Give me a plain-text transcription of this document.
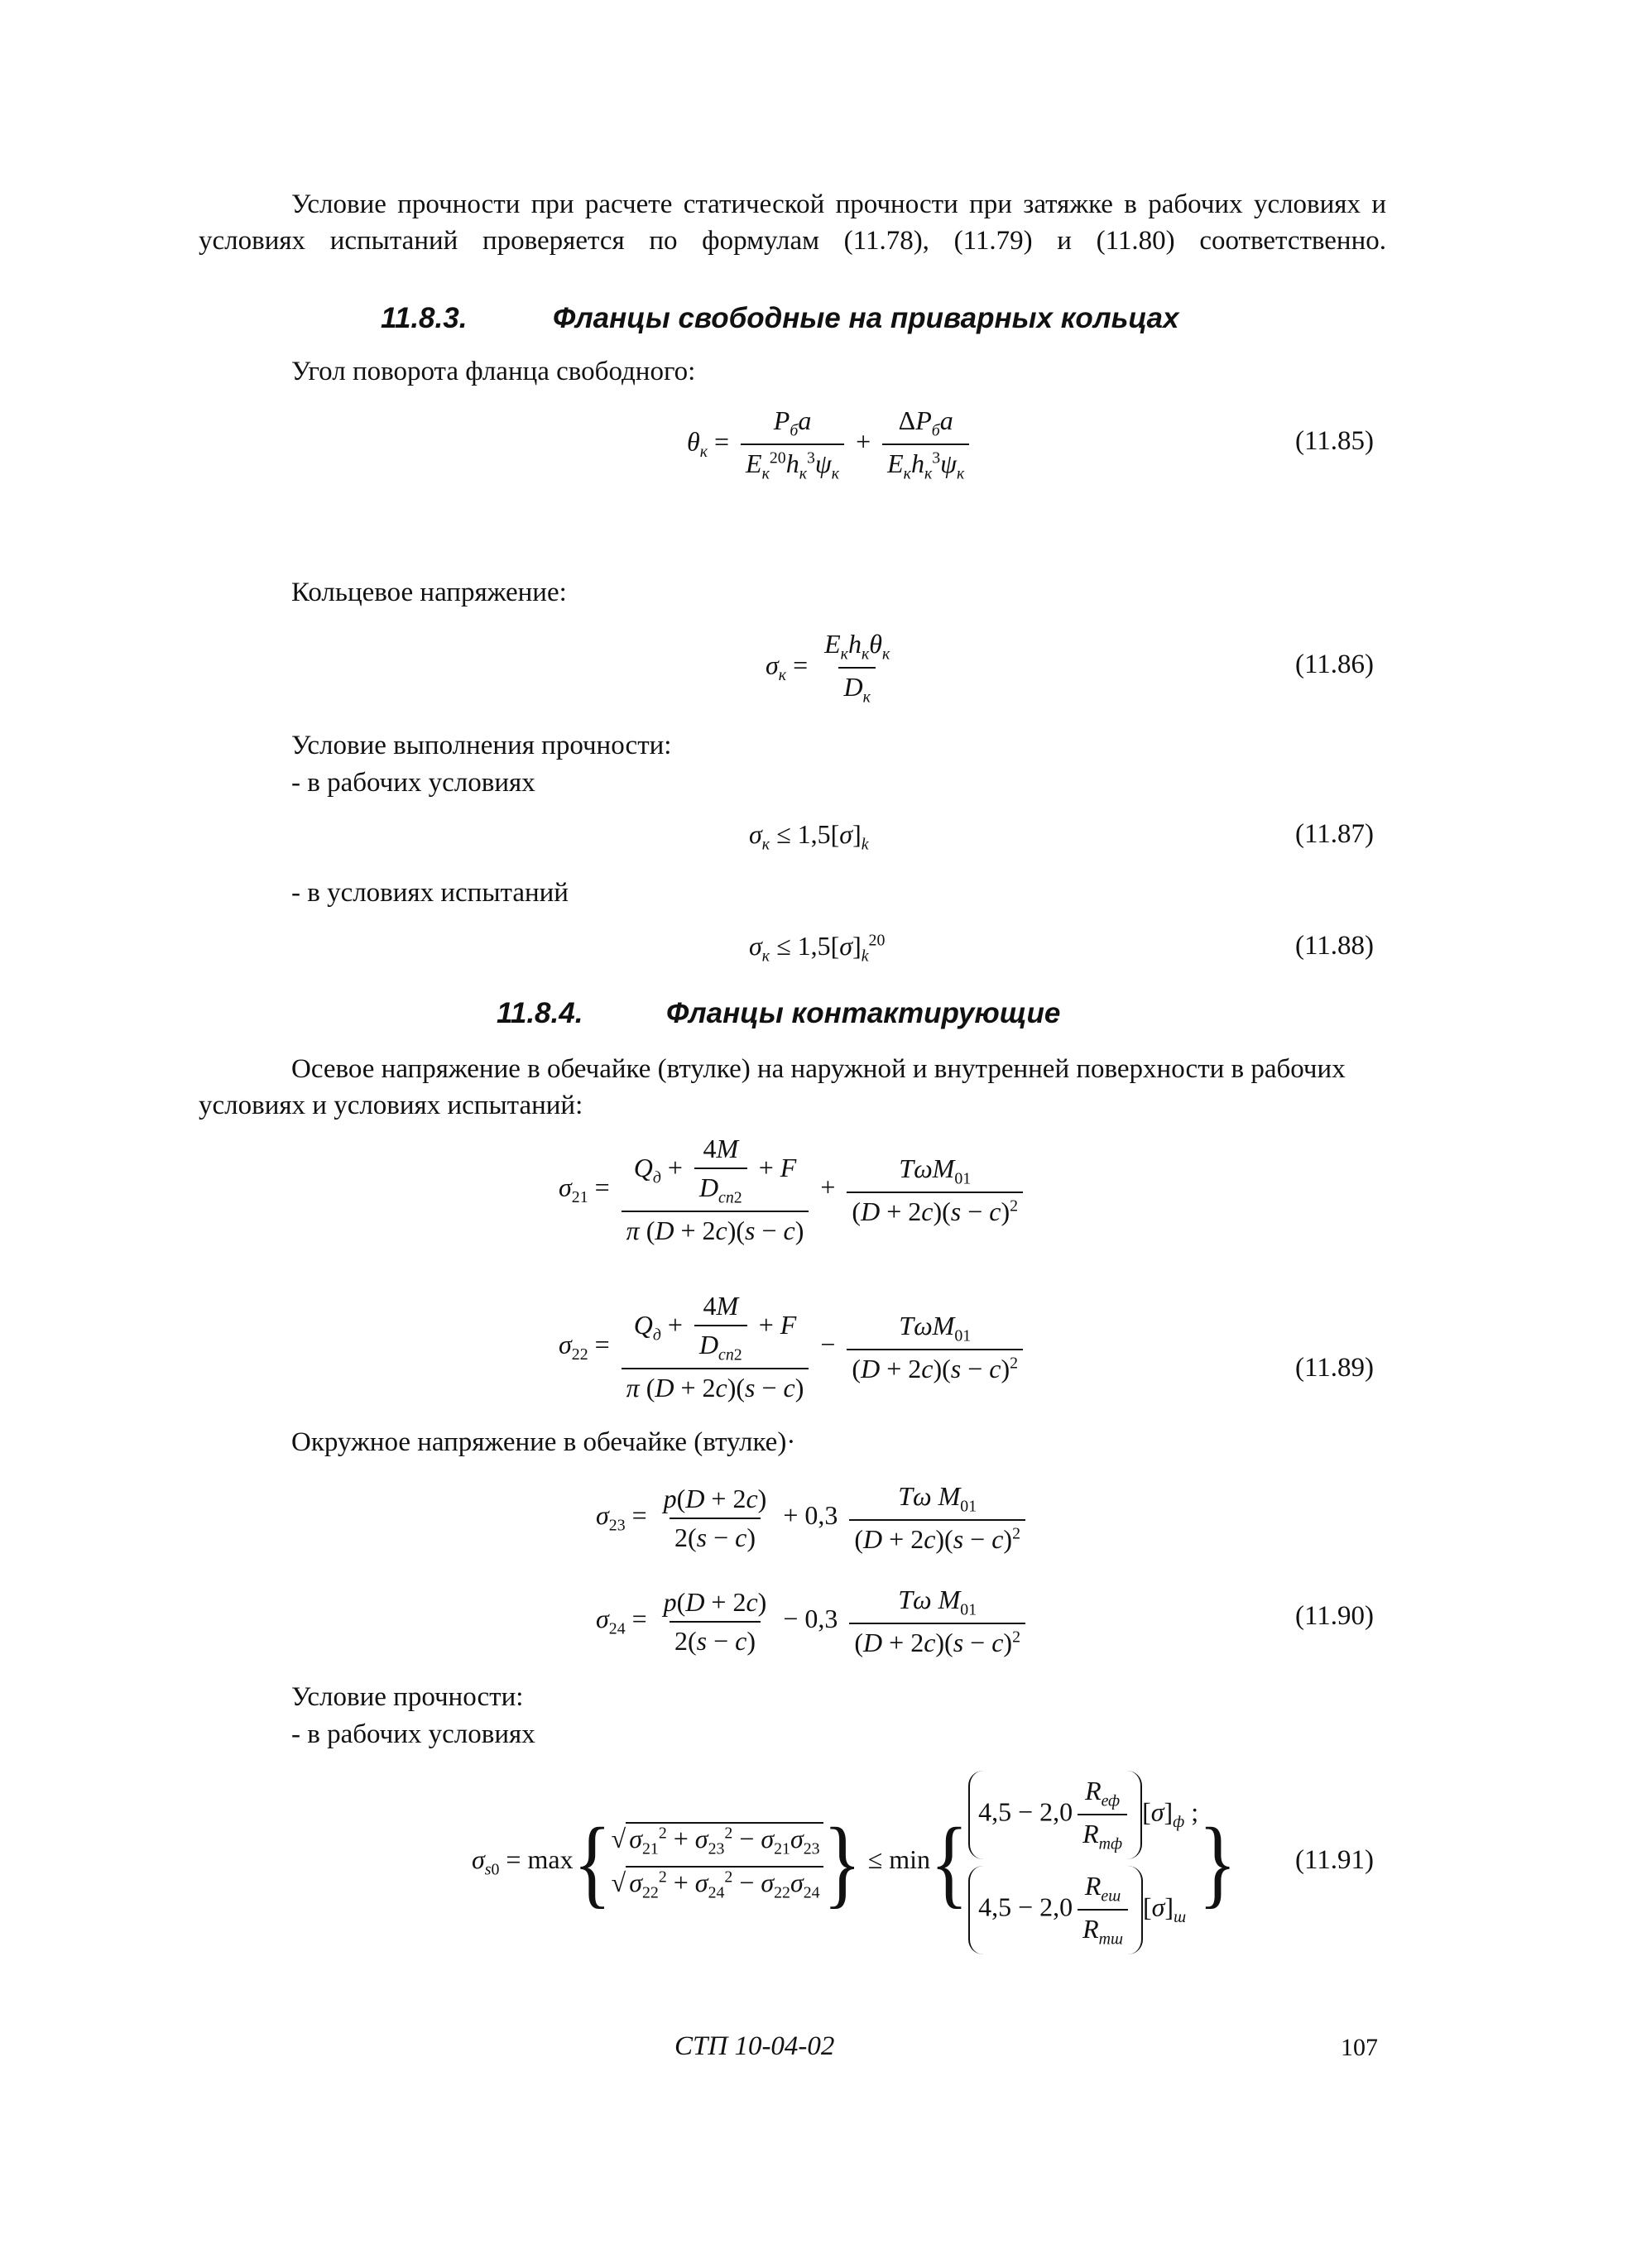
Условие прочности при расчете статической прочности при затяжке в рабочих условиях и условиях испытаний проверяется по формулам (11.78), (11.79) и (11.80) соответственно.
11.8.3.	Фланцы свободные на приварных кольцах
Угол поворота фланца свободного:
$\theta_к = \frac{P_бa}{E_к^{20}h_к^3\psi_к} + \frac{\Delta P_бa}{E_кh_к^3\psi_к}$	(11.85)
Кольцевое напряжение:
$\sigma_к = \frac{E_кh_к\theta_к}{D_к}$	(11.86)
Условие выполнения прочности:
- в рабочих условиях
$\sigma_к \le 1,5[\sigma]_k$	(11.87)
- в условиях испытаний
$\sigma_к \le 1,5[\sigma]_k^{20}$	(11.88)
11.8.4.	Фланцы контактирующие
Осевое напряжение в обечайке (втулке) на наружной и внутренней поверхности в рабочих условиях и условиях испытаний:
$\sigma_{21} = \frac{Q_д + \frac{4M}{D_{сп2}} + F}{\pi (D + 2c)(s - c)} + \frac{T\omega M_{01}}{(D + 2c)(s - c)^2}$
$\sigma_{22} = \frac{Q_д + \frac{4M}{D_{сп2}} + F}{\pi (D + 2c)(s - c)} - \frac{T\omega M_{01}}{(D + 2c)(s - c)^2}$	(11.89)
Окружное напряжение в обечайке (втулке)·
$\sigma_{23} = \frac{p(D + 2c)}{2(s - c)} + 0,3 \frac{T\omega M_{01}}{(D + 2c)(s - c)^2}$
$\sigma_{24} = \frac{p(D + 2c)}{2(s - c)} - 0,3 \frac{T\omega M_{01}}{(D + 2c)(s - c)^2}$	(11.90)
Условие прочности:
- в рабочих условиях
$\sigma_{s0} = \max${ √ $\sigma_{21}^2 + \sigma_{23}^2 - \sigma_{21}\sigma_{23}$
√ $\sigma_{22}^2 + \sigma_{24}^2 - \sigma_{22}\sigma_{24}$ } ≤ min{ $4,5 - 2,0 \frac{R_{еф}}{R_{тф}} [\sigma]_ф$ ;
$4,5 - 2,0 \frac{R_{еш}}{R_{тш}} [\sigma]_ш$ } (11.91)
СТП 10-04-02	107
